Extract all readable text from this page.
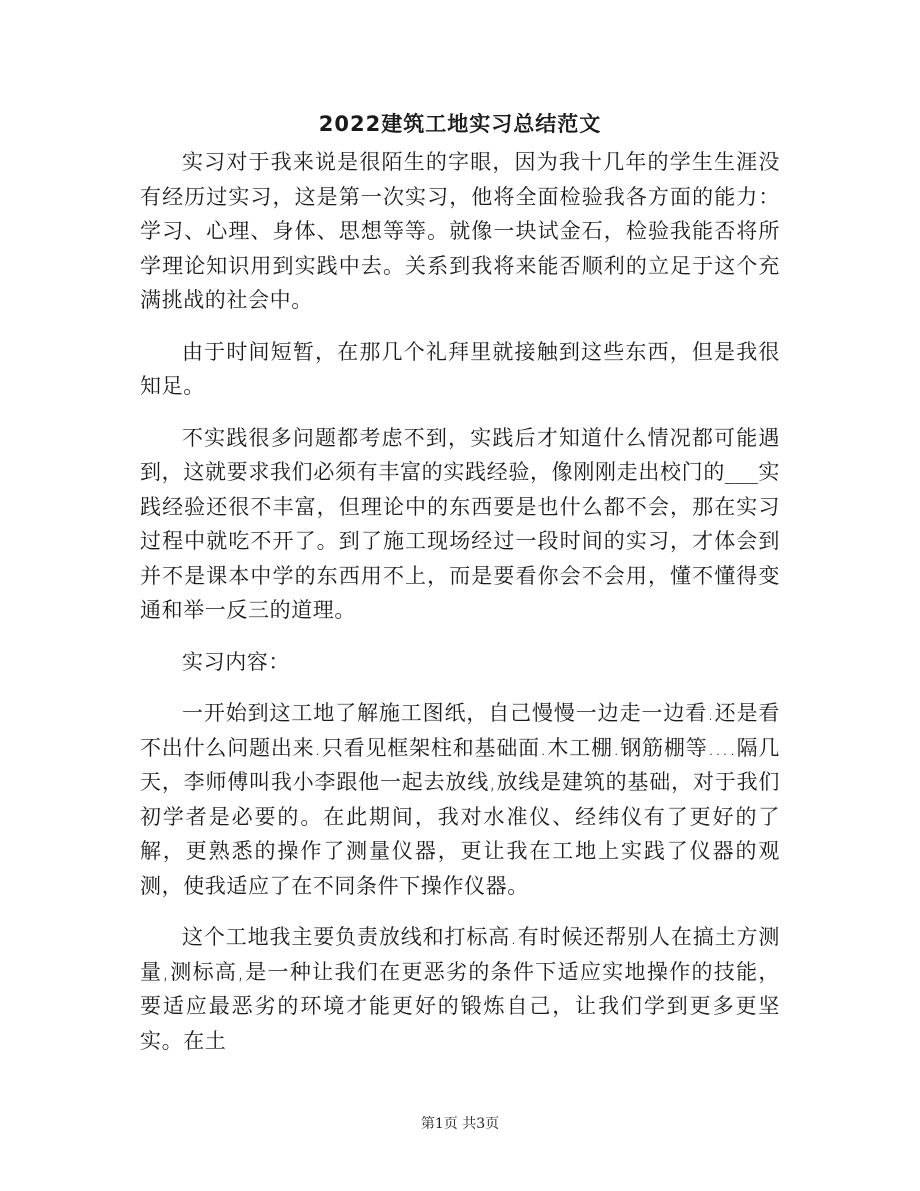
2022建筑工地实习总结范文

实习对于我来说是很陌生的字眼，因为我十几年的学生生涯没有经历过实习，这是第一次实习，他将全面检验我各方面的能力：学习、心理、身体、思想等等。就像一块试金石，检验我能否将所学理论知识用到实践中去。关系到我将来能否顺利的立足于这个充满挑战的社会中。

由于时间短暂，在那几个礼拜里就接触到这些东西，但是我很知足。

不实践很多问题都考虑不到，实践后才知道什么情况都可能遇到，这就要求我们必须有丰富的实践经验，像刚刚走出校门的___实践经验还很不丰富，但理论中的东西要是也什么都不会，那在实习过程中就吃不开了。到了施工现场经过一段时间的实习，才体会到并不是课本中学的东西用不上，而是要看你会不会用，懂不懂得变通和举一反三的道理。

实习内容：

一开始到这工地了解施工图纸，自己慢慢一边走一边看.还是看不出什么问题出来.只看见框架柱和基础面.木工棚.钢筋棚等….隔几天，李师傅叫我小李跟他一起去放线,放线是建筑的基础，对于我们初学者是必要的。在此期间，我对水准仪、经纬仪有了更好的了解，更熟悉的操作了测量仪器，更让我在工地上实践了仪器的观测，使我适应了在不同条件下操作仪器。

这个工地我主要负责放线和打标高.有时候还帮别人在搞土方测量,测标高,是一种让我们在更恶劣的条件下适应实地操作的技能，要适应最恶劣的环境才能更好的锻炼自己，让我们学到更多更坚实。在土

第1页 共3页
